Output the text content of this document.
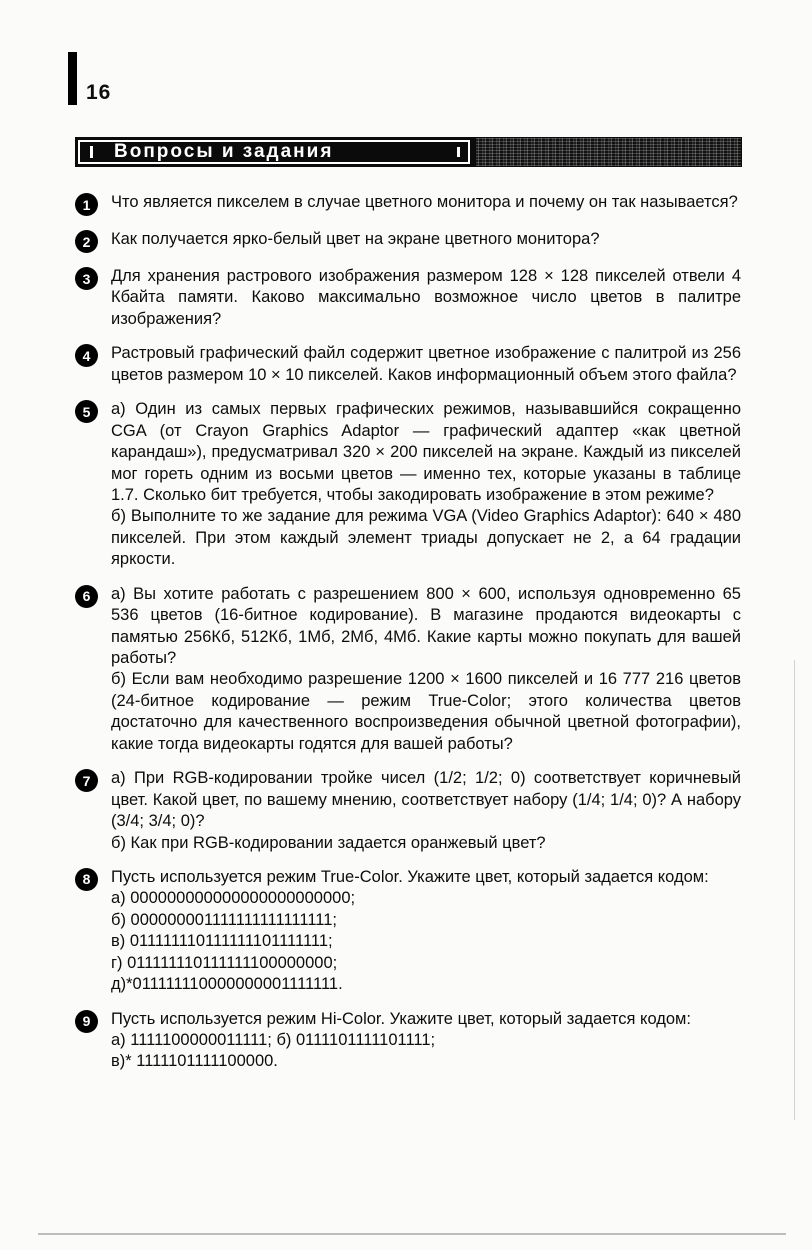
16
Вопросы и задания
1	Что является пикселем в случае цветного монитора и почему он так называется?
2	Как получается ярко-белый цвет на экране цветного монитора?
3	Для хранения растрового изображения размером 128 × 128 пикселей отвели 4 Кбайта памяти. Каково максимально возможное число цветов в палитре изображения?
4	Растровый графический файл содержит цветное изображение с палитрой из 256 цветов размером 10 × 10 пикселей. Каков информационный объем этого файла?
5	а) Один из самых первых графических режимов, называвшийся сокращенно CGA (от Crayon Graphics Adaptor — графический адаптер «как цветной карандаш»), предусматривал 320 × 200 пикселей на экране. Каждый из пикселей мог гореть одним из восьми цветов — именно тех, которые указаны в таблице 1.7. Сколько бит требуется, чтобы закодировать изображение в этом режиме?
б) Выполните то же задание для режима VGA (Video Graphics Adaptor): 640 × 480 пикселей. При этом каждый элемент триады допускает не 2, а 64 градации яркости.
6	а) Вы хотите работать с разрешением 800 × 600, используя одновременно 65 536 цветов (16-битное кодирование). В магазине продаются видеокарты с памятью 256Кб, 512Кб, 1Мб, 2Мб, 4Мб. Какие карты можно покупать для вашей работы?
б) Если вам необходимо разрешение 1200 × 1600 пикселей и 16 777 216 цветов (24-битное кодирование — режим True-Color; этого количества цветов достаточно для качественного воспроизведения обычной цветной фотографии), какие тогда видеокарты годятся для вашей работы?
7	а) При RGB-кодировании тройке чисел (1/2; 1/2; 0) соответствует коричневый цвет. Какой цвет, по вашему мнению, соответствует набору (1/4; 1/4; 0)? А набору (3/4; 3/4; 0)?
б) Как при RGB-кодировании задается оранжевый цвет?
8	Пусть используется режим True-Color. Укажите цвет, который задается кодом:
а) 000000000000000000000000;
б) 000000001111111111111111;
в) 011111110111111101111111;
г) 011111110111111100000000;
д)*011111110000000001111111.
9	Пусть используется режим Hi-Color. Укажите цвет, который задается кодом:
а) 1111100000011111; б) 0111101111101111;
в)* 1111101111100000.
